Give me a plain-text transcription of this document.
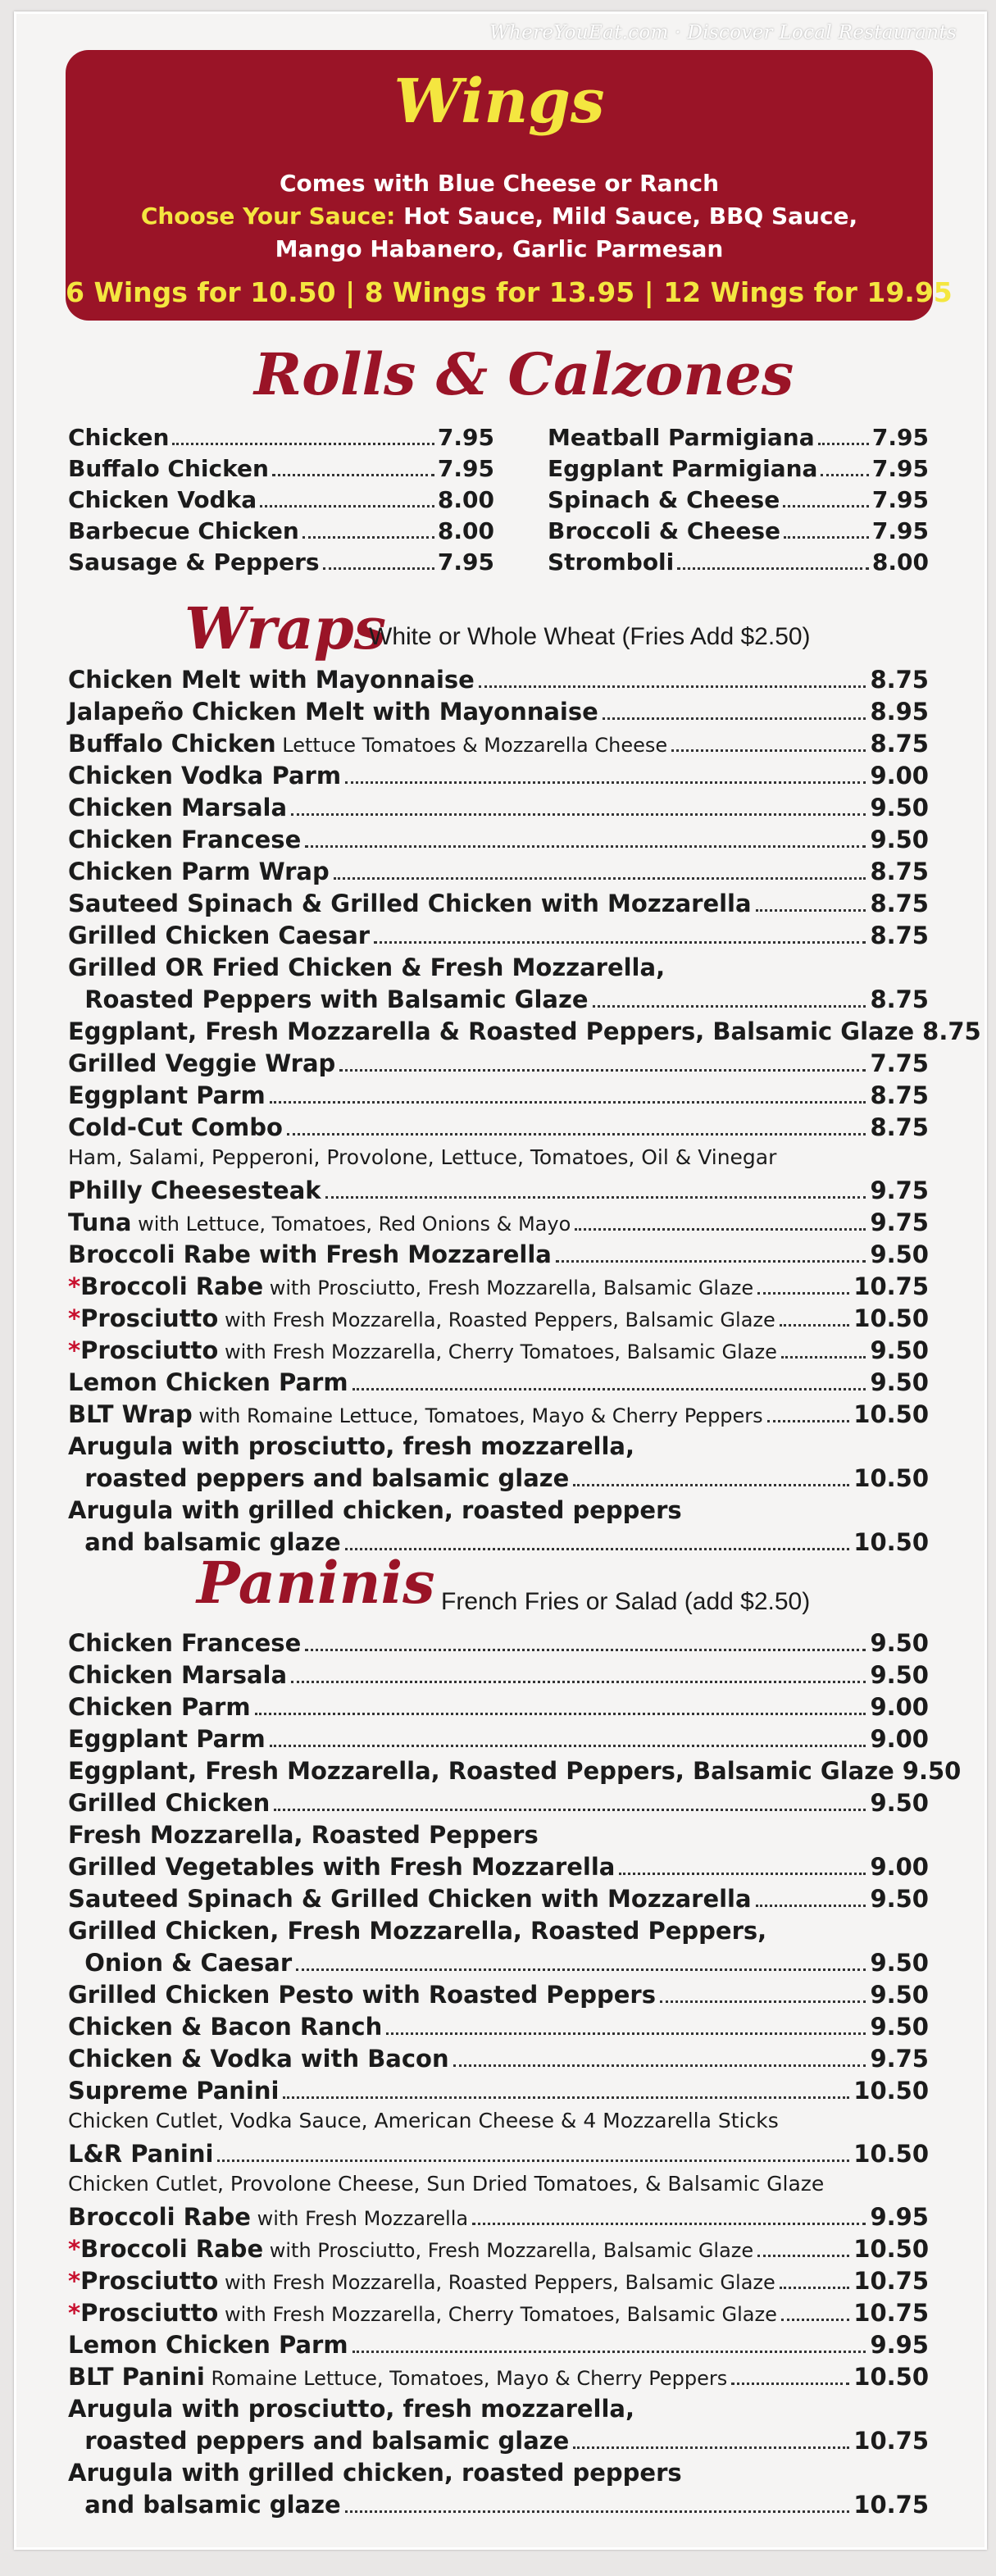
WhereYouEat.com · Discover Local Restaurants
Wings
Comes with Blue Cheese or Ranch
Choose Your Sauce: Hot Sauce, Mild Sauce, BBQ Sauce,
Mango Habanero, Garlic Parmesan
6 Wings for 10.50 | 8 Wings for 13.95 | 12 Wings for 19.95
Rolls & Calzones
Chicken	7.95
Buffalo Chicken	7.95
Chicken Vodka	8.00
Barbecue Chicken	8.00
Sausage & Peppers	7.95
Meatball Parmigiana	7.95
Eggplant Parmigiana 7.95
Spinach & Cheese	7.95
Broccoli & Cheese	7.95
Stromboli	8.00
Wraps
White or Whole Wheat (Fries Add $2.50)
Chicken Melt with Mayonnaise	8.75
Jalapeño Chicken Melt with Mayonnaise	8.95
Buffalo Chicken Lettuce Tomatoes & Mozzarella Cheese	8.75
Chicken Vodka Parm	9.00
Chicken Marsala	9.50
Chicken Francese	9.50
Chicken Parm Wrap	8.75
Sauteed Spinach & Grilled Chicken with Mozzarella	8.75
Grilled Chicken Caesar	8.75
Grilled OR Fried Chicken & Fresh Mozzarella,
Roasted Peppers with Balsamic Glaze	8.75
Eggplant, Fresh Mozzarella & Roasted Peppers, Balsamic Glaze 8.75
Grilled Veggie Wrap	7.75
Eggplant Parm	8.75
Cold-Cut Combo	8.75
Ham, Salami, Pepperoni, Provolone, Lettuce, Tomatoes, Oil & Vinegar
Philly Cheesesteak	9.75
Tuna with Lettuce, Tomatoes, Red Onions & Mayo	9.75
Broccoli Rabe with Fresh Mozzarella	9.50
*Broccoli Rabe with Prosciutto, Fresh Mozzarella, Balsamic Glaze	10.75
*Prosciutto with Fresh Mozzarella, Roasted Peppers, Balsamic Glaze	10.50
*Prosciutto with Fresh Mozzarella, Cherry Tomatoes, Balsamic Glaze	9.50
Lemon Chicken Parm	9.50
BLT Wrap with Romaine Lettuce, Tomatoes, Mayo & Cherry Peppers	10.50
Arugula with prosciutto, fresh mozzarella,
roasted peppers and balsamic glaze	10.50
Arugula with grilled chicken, roasted peppers
and balsamic glaze	10.50
Paninis French Fries or Salad (add $2.50)
Chicken Francese	9.50
Chicken Marsala	9.50
Chicken Parm	9.00
Eggplant Parm	9.00
Eggplant, Fresh Mozzarella, Roasted Peppers, Balsamic Glaze 9.50
Grilled Chicken	9.50
Fresh Mozzarella, Roasted Peppers
Grilled Vegetables with Fresh Mozzarella	9.00
Sauteed Spinach & Grilled Chicken with Mozzarella	9.50
Grilled Chicken, Fresh Mozzarella, Roasted Peppers,
Onion & Caesar	9.50
Grilled Chicken Pesto with Roasted Peppers	9.50
Chicken & Bacon Ranch	9.50
Chicken & Vodka with Bacon	9.75
Supreme Panini	10.50
Chicken Cutlet, Vodka Sauce, American Cheese & 4 Mozzarella Sticks
L&R Panini	10.50
Chicken Cutlet, Provolone Cheese, Sun Dried Tomatoes, & Balsamic Glaze
Broccoli Rabe with Fresh Mozzarella	9.95
*Broccoli Rabe with Prosciutto, Fresh Mozzarella, Balsamic Glaze	10.50
*Prosciutto with Fresh Mozzarella, Roasted Peppers, Balsamic Glaze	10.75
*Prosciutto with Fresh Mozzarella, Cherry Tomatoes, Balsamic Glaze	10.75
Lemon Chicken Parm	9.95
BLT Panini Romaine Lettuce, Tomatoes, Mayo & Cherry Peppers	10.50
Arugula with prosciutto, fresh mozzarella,
roasted peppers and balsamic glaze	10.75
Arugula with grilled chicken, roasted peppers
and balsamic glaze	10.75
